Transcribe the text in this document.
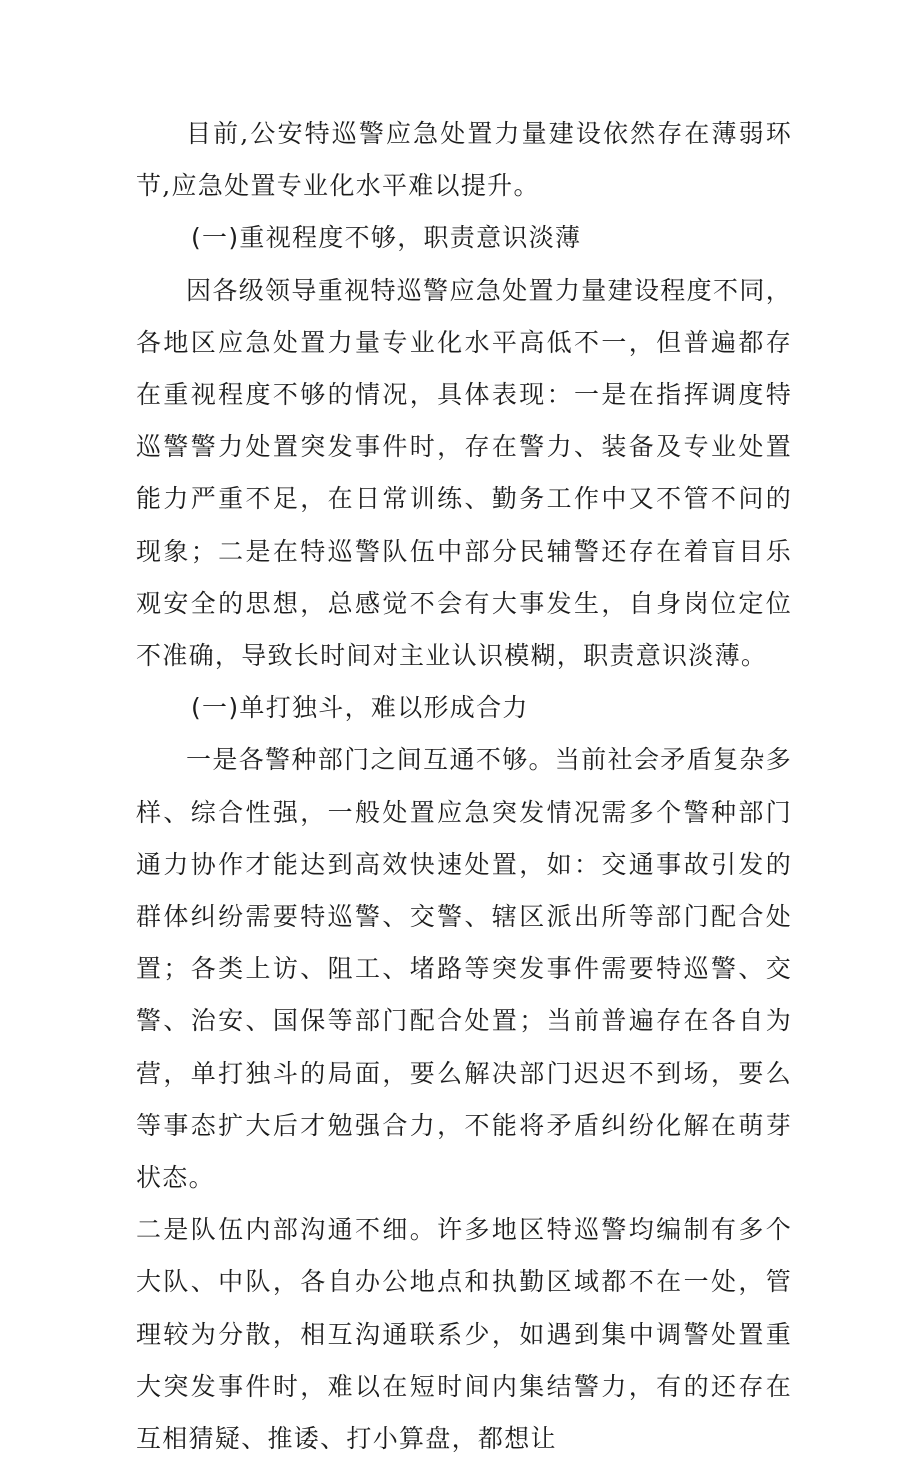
目前,公安特巡警应急处置力量建设依然存在薄弱环节,应急处置专业化水平难以提升。

(一)重视程度不够，职责意识淡薄

因各级领导重视特巡警应急处置力量建设程度不同，各地区应急处置力量专业化水平高低不一，但普遍都存在重视程度不够的情况，具体表现：一是在指挥调度特巡警警力处置突发事件时，存在警力、装备及专业处置能力严重不足，在日常训练、勤务工作中又不管不问的现象；二是在特巡警队伍中部分民辅警还存在着盲目乐观安全的思想，总感觉不会有大事发生，自身岗位定位不准确，导致长时间对主业认识模糊，职责意识淡薄。

(一)单打独斗，难以形成合力

一是各警种部门之间互通不够。当前社会矛盾复杂多样、综合性强，一般处置应急突发情况需多个警种部门通力协作才能达到高效快速处置，如：交通事故引发的群体纠纷需要特巡警、交警、辖区派出所等部门配合处置；各类上访、阻工、堵路等突发事件需要特巡警、交警、治安、国保等部门配合处置；当前普遍存在各自为营，单打独斗的局面，要么解决部门迟迟不到场，要么等事态扩大后才勉强合力，不能将矛盾纠纷化解在萌芽状态。

二是队伍内部沟通不细。许多地区特巡警均编制有多个大队、中队，各自办公地点和执勤区域都不在一处，管理较为分散，相互沟通联系少，如遇到集中调警处置重大突发事件时，难以在短时间内集结警力，有的还存在互相猜疑、推诿、打小算盘，都想让
